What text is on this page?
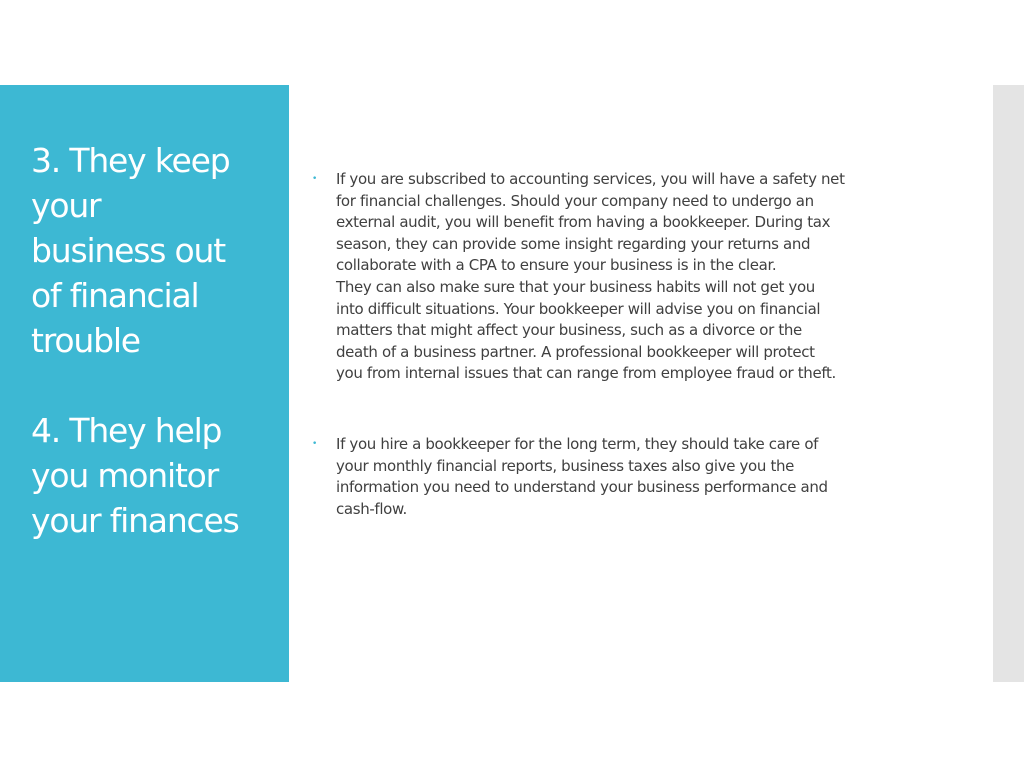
3. They keep
your
business out
of financial
trouble
4. They help
you monitor
your finances
•	If you are subscribed to accounting services, you will have a safety net
for financial challenges. Should your company need to undergo an
external audit, you will benefit from having a bookkeeper. During tax
season, they can provide some insight regarding your returns and
collaborate with a CPA to ensure your business is in the clear.
They can also make sure that your business habits will not get you
into difficult situations. Your bookkeeper will advise you on financial
matters that might affect your business, such as a divorce or the
death of a business partner. A professional bookkeeper will protect
you from internal issues that can range from employee fraud or theft.
•	If you hire a bookkeeper for the long term, they should take care of
your monthly financial reports, business taxes also give you the
information you need to understand your business performance and
cash-flow.
